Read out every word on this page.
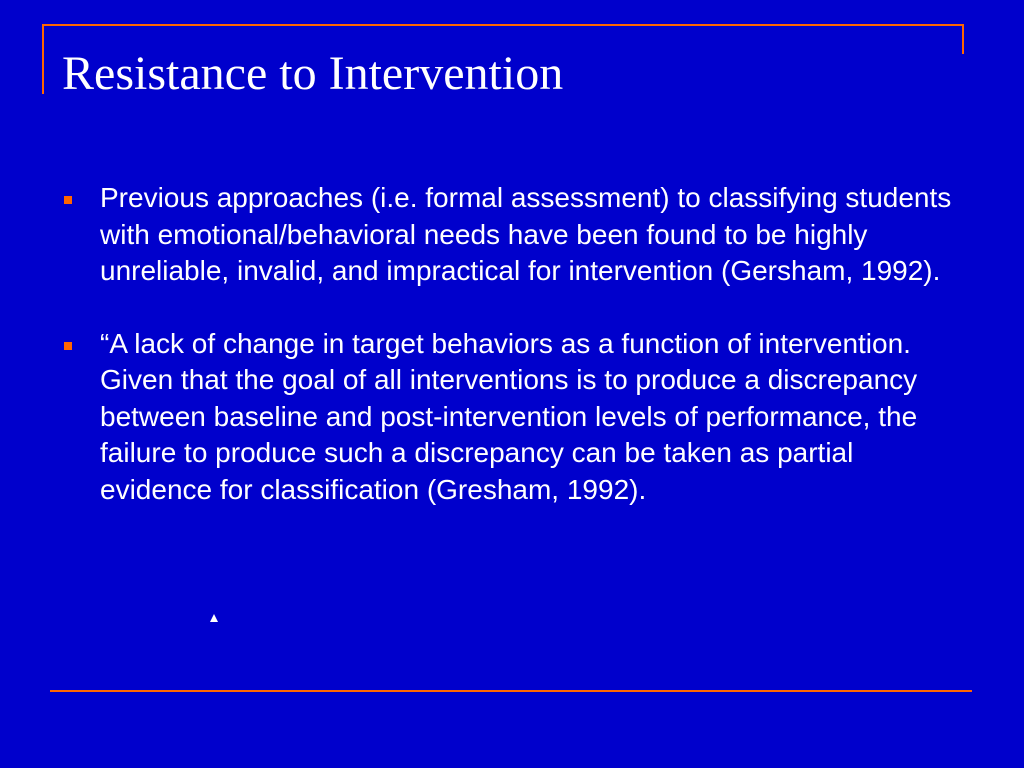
Resistance to Intervention
Previous approaches (i.e. formal assessment) to classifying students with emotional/behavioral needs have been found to be highly unreliable, invalid, and impractical for intervention (Gersham, 1992).
“A lack of change in target behaviors as a function of intervention. Given that the goal of all interventions is to produce a discrepancy between baseline and post-intervention levels of performance, the failure to produce such a discrepancy can be taken as partial evidence for classification (Gresham, 1992).
